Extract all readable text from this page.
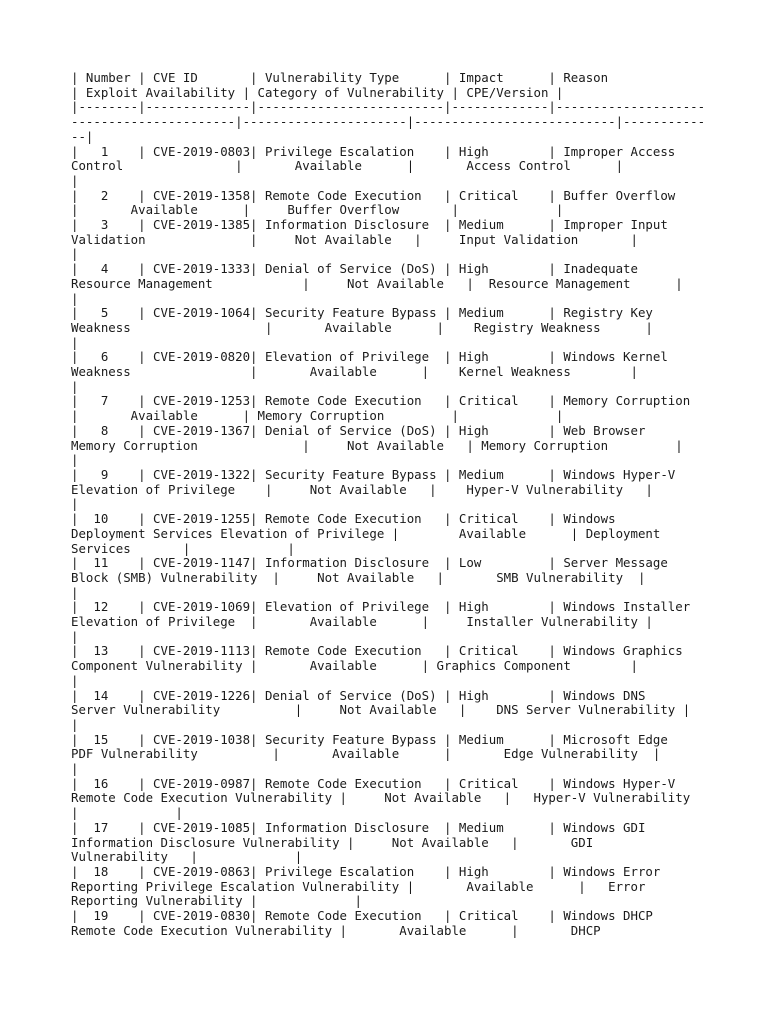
| Number | CVE ID       | Vulnerability Type      | Impact      | Reason
| Exploit Availability | Category of Vulnerability | CPE/Version |
|--------|--------------|-------------------------|-------------|------------------------------------------|----------------------|---------------------------|-------------|
|   1    | CVE-2019-0803| Privilege Escalation    | High        | Improper Access
Control               |       Available      |       Access Control      |
|
|   2    | CVE-2019-1358| Remote Code Execution   | Critical    | Buffer Overflow
|       Available      |     Buffer Overflow       |             |
|   3    | CVE-2019-1385| Information Disclosure  | Medium      | Improper Input
Validation              |     Not Available   |     Input Validation       |
|
|   4    | CVE-2019-1333| Denial of Service (DoS) | High        | Inadequate
Resource Management            |     Not Available   |  Resource Management      |
|
|   5    | CVE-2019-1064| Security Feature Bypass | Medium      | Registry Key
Weakness                  |       Available      |    Registry Weakness      |
|
|   6    | CVE-2019-0820| Elevation of Privilege  | High        | Windows Kernel
Weakness                |       Available      |    Kernel Weakness        |
|
|   7    | CVE-2019-1253| Remote Code Execution   | Critical    | Memory Corruption
|       Available      | Memory Corruption         |             |
|   8    | CVE-2019-1367| Denial of Service (DoS) | High        | Web Browser
Memory Corruption              |     Not Available   | Memory Corruption         |
|
|   9    | CVE-2019-1322| Security Feature Bypass | Medium      | Windows Hyper-V
Elevation of Privilege    |     Not Available   |    Hyper-V Vulnerability   |
|
|  10    | CVE-2019-1255| Remote Code Execution   | Critical    | Windows
Deployment Services Elevation of Privilege |        Available      | Deployment
Services       |             |
|  11    | CVE-2019-1147| Information Disclosure  | Low         | Server Message
Block (SMB) Vulnerability  |     Not Available   |       SMB Vulnerability  |
|
|  12    | CVE-2019-1069| Elevation of Privilege  | High        | Windows Installer
Elevation of Privilege  |       Available      |     Installer Vulnerability |
|
|  13    | CVE-2019-1113| Remote Code Execution   | Critical    | Windows Graphics
Component Vulnerability |       Available      | Graphics Component        |
|
|  14    | CVE-2019-1226| Denial of Service (DoS) | High        | Windows DNS
Server Vulnerability          |     Not Available   |    DNS Server Vulnerability |
|
|  15    | CVE-2019-1038| Security Feature Bypass | Medium      | Microsoft Edge
PDF Vulnerability          |       Available      |       Edge Vulnerability  |
|
|  16    | CVE-2019-0987| Remote Code Execution   | Critical    | Windows Hyper-V
Remote Code Execution Vulnerability |     Not Available   |   Hyper-V Vulnerability
|             |
|  17    | CVE-2019-1085| Information Disclosure  | Medium      | Windows GDI
Information Disclosure Vulnerability |     Not Available   |       GDI
Vulnerability   |             |
|  18    | CVE-2019-0863| Privilege Escalation    | High        | Windows Error
Reporting Privilege Escalation Vulnerability |       Available      |   Error
Reporting Vulnerability |             |
|  19    | CVE-2019-0830| Remote Code Execution   | Critical    | Windows DHCP
Remote Code Execution Vulnerability |       Available      |       DHCP
